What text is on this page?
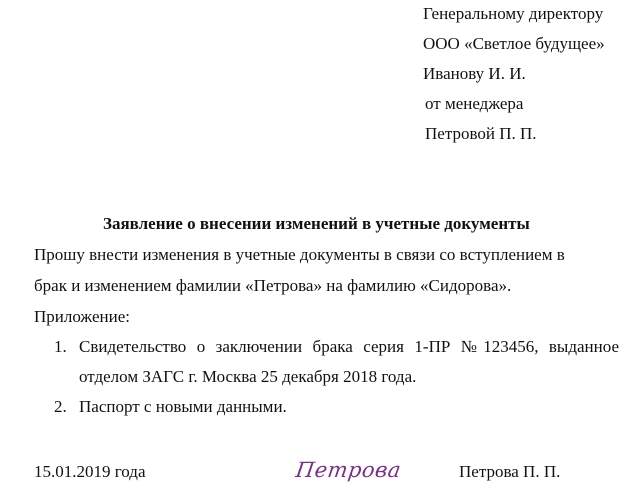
Генеральному директору
ООО «Светлое будущее»
Иванову И. И.
от менеджера
Петровой П. П.
Заявление о внесении изменений в учетные документы
Прошу внести изменения в учетные документы в связи со вступлением в
брак и изменением фамилии «Петрова» на фамилию «Сидорова».
Приложение:
1. Свидетельство о заключении брака серия 1-ПР №123456, выданное
отделом ЗАГС г. Москва 25 декабря 2018 года.
2. Паспорт с новыми данными.
15.01.2019 года	Петрова	Петрова П. П.
